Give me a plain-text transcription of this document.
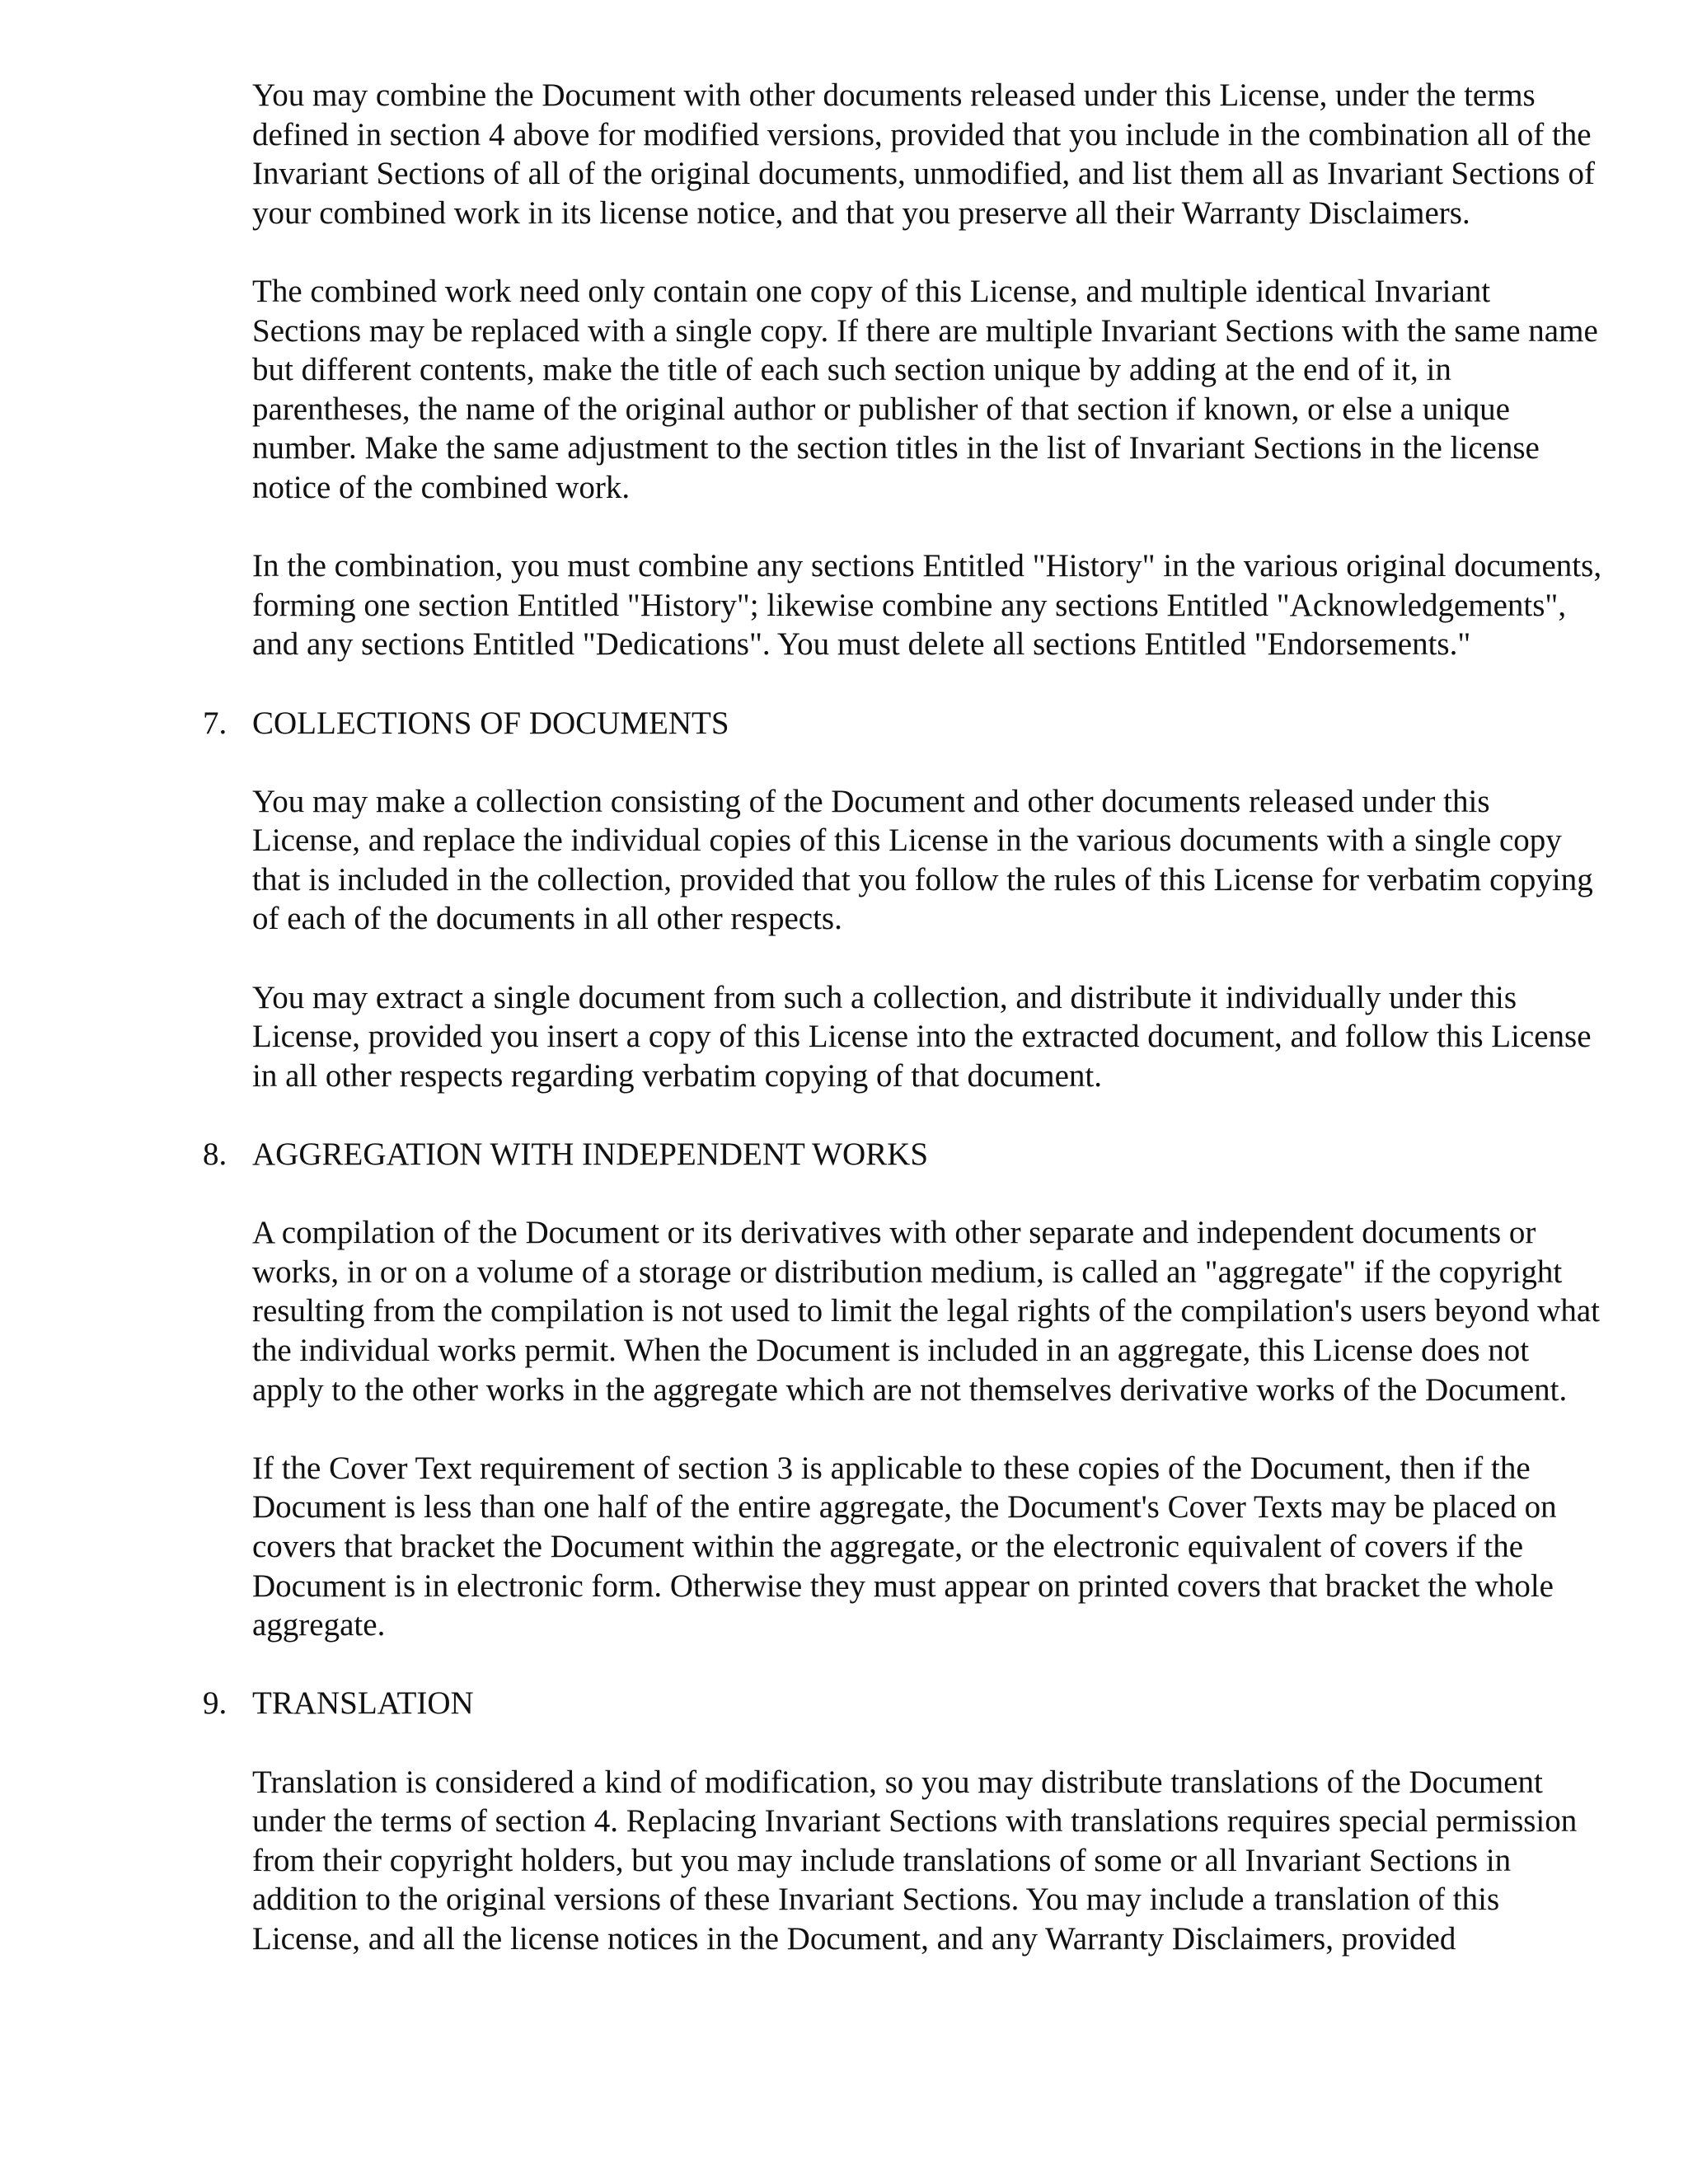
You may combine the Document with other documents released under this License, under the terms defined in section 4 above for modified versions, provided that you include in the combination all of the Invariant Sections of all of the original documents, unmodified, and list them all as Invariant Sections of your combined work in its license notice, and that you preserve all their Warranty Disclaimers.

The combined work need only contain one copy of this License, and multiple identical Invariant Sections may be replaced with a single copy. If there are multiple Invariant Sections with the same name but different contents, make the title of each such section unique by adding at the end of it, in parentheses, the name of the original author or publisher of that section if known, or else a unique number. Make the same adjustment to the section titles in the list of Invariant Sections in the license notice of the combined work.

In the combination, you must combine any sections Entitled "History" in the various original documents, forming one section Entitled "History"; likewise combine any sections Entitled "Acknowledgements", and any sections Entitled "Dedications". You must delete all sections Entitled "Endorsements."

7. COLLECTIONS OF DOCUMENTS

You may make a collection consisting of the Document and other documents released under this License, and replace the individual copies of this License in the various documents with a single copy that is included in the collection, provided that you follow the rules of this License for verbatim copying of each of the documents in all other respects.

You may extract a single document from such a collection, and distribute it individually under this License, provided you insert a copy of this License into the extracted document, and follow this License in all other respects regarding verbatim copying of that document.

8. AGGREGATION WITH INDEPENDENT WORKS

A compilation of the Document or its derivatives with other separate and independent documents or works, in or on a volume of a storage or distribution medium, is called an "aggregate" if the copyright resulting from the compilation is not used to limit the legal rights of the compilation's users beyond what the individual works permit. When the Document is included in an aggregate, this License does not apply to the other works in the aggregate which are not themselves derivative works of the Document.

If the Cover Text requirement of section 3 is applicable to these copies of the Document, then if the Document is less than one half of the entire aggregate, the Document's Cover Texts may be placed on covers that bracket the Document within the aggregate, or the electronic equivalent of covers if the Document is in electronic form. Otherwise they must appear on printed covers that bracket the whole aggregate.

9. TRANSLATION

Translation is considered a kind of modification, so you may distribute translations of the Document under the terms of section 4. Replacing Invariant Sections with translations requires special permission from their copyright holders, but you may include translations of some or all Invariant Sections in addition to the original versions of these Invariant Sections. You may include a translation of this License, and all the license notices in the Document, and any Warranty Disclaimers, provided
